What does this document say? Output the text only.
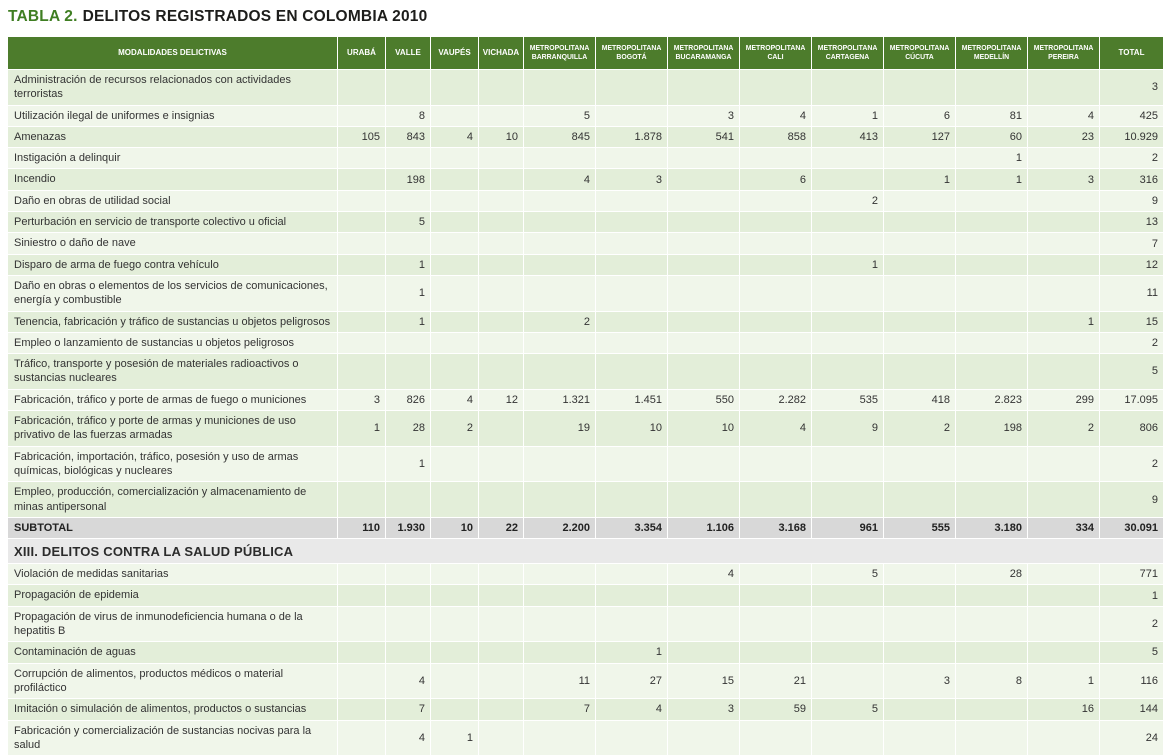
TABLA 2. DELITOS REGISTRADOS EN COLOMBIA 2010
MODALIDADES DELICTIVAS	URABÁ	VALLE	VAUPÉS	VICHADA	METROPOLITANA BARRANQUILLA	METROPOLITANA BOGOTÁ	METROPOLITANA BUCARAMANGA	METROPOLITANA CALI	METROPOLITANA CARTAGENA	METROPOLITANA CÚCUTA	METROPOLITANA MEDELLÍN	METROPOLITANA PEREIRA	TOTAL
Administración de recursos relacionados con actividades terroristas													3
Utilización ilegal de uniformes e insignias		8			5		3	4	1	6	81	4	425
Amenazas	105	843	4	10	845	1.878	541	858	413	127	60	23	10.929
Instigación a delinquir											1		2
Incendio		198			4	3		6		1	1	3	316
Daño en obras de utilidad social									2				9
Perturbación en servicio de transporte colectivo u oficial		5											13
Siniestro o daño de nave													7
Disparo de arma de fuego contra vehículo		1							1				12
Daño en obras o elementos de los servicios de comunicaciones, energía y combustible		1											11
Tenencia, fabricación y tráfico de sustancias u objetos peligrosos		1			2							1	15
Empleo o lanzamiento de sustancias u objetos peligrosos													2
Tráfico, transporte y posesión de materiales radioactivos o sustancias nucleares													5
Fabricación, tráfico y porte de armas de fuego o municiones	3	826	4	12	1.321	1.451	550	2.282	535	418	2.823	299	17.095
Fabricación, tráfico y porte de armas y municiones de uso privativo de las fuerzas armadas	1	28	2		19	10	10	4	9	2	198	2	806
Fabricación, importación, tráfico, posesión y uso de armas químicas, biológicas y nucleares		1											2
Empleo, producción, comercialización y almacenamiento de minas antipersonal													9
SUBTOTAL	110	1.930	10	22	2.200	3.354	1.106	3.168	961	555	3.180	334	30.091
XIII. DELITOS CONTRA LA SALUD PÚBLICA													
Violación de medidas sanitarias							4		5		28		771
Propagación de epidemia													1
Propagación de virus de inmunodeficiencia humana o de la hepatitis B													2
Contaminación de aguas						1							5
Corrupción de alimentos, productos médicos o material profiláctico		4			11	27	15	21		3	8	1	116
Imitación o simulación de alimentos, productos o sustancias		7			7	4	3	59	5			16	144
Fabricación y comercialización de sustancias nocivas para la salud		4	1										24
